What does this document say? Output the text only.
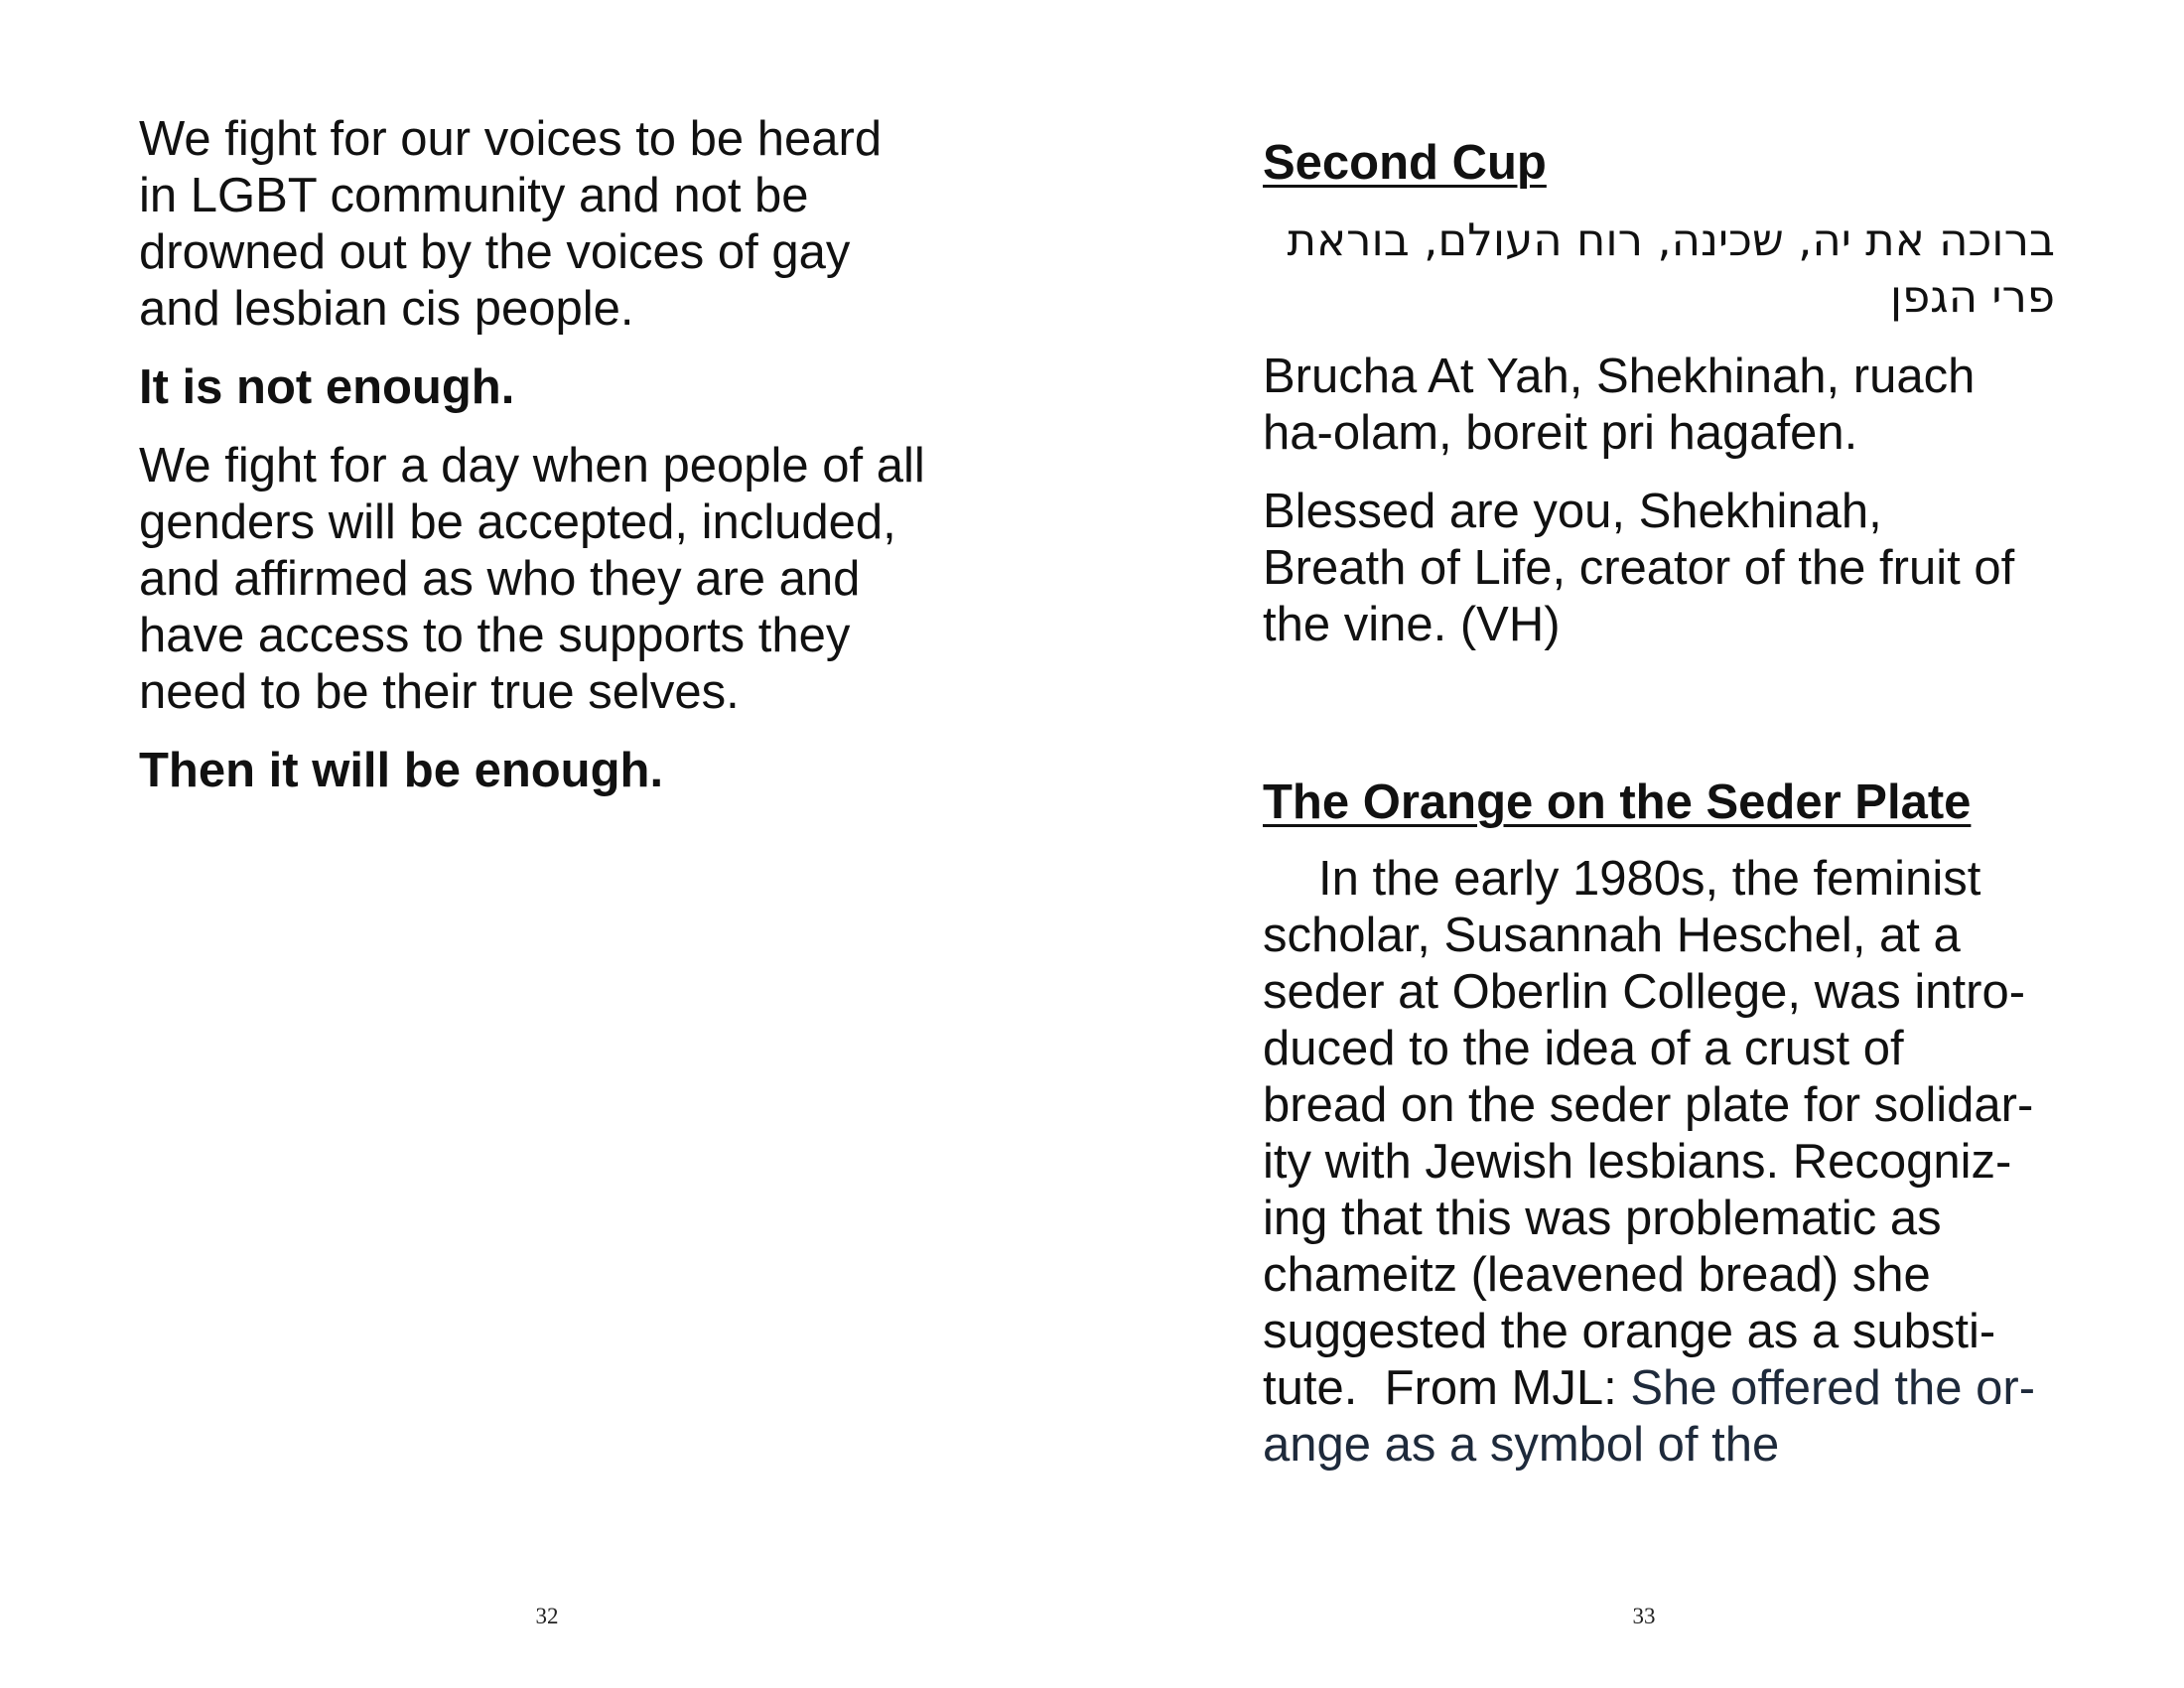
We fight for our voices to be heard
in LGBT community and not be
drowned out by the voices of gay
and lesbian cis people.

It is not enough.

We fight for a day when people of all
genders will be accepted, included,
and affirmed as who they are and
have access to the supports they
need to be their true selves.

Then it will be enough.

32

Second Cup

ברוכה את יה, שכינה, רוח העולם, בוראת
פרי הגפן

Brucha At Yah, Shekhinah, ruach
ha-olam, boreit pri hagafen.

Blessed are you, Shekhinah,
Breath of Life, creator of the fruit of
the vine. (VH)

The Orange on the Seder Plate

In the early 1980s, the feminist
scholar, Susannah Heschel, at a
seder at Oberlin College, was intro-
duced to the idea of a crust of
bread on the seder plate for solidar-
ity with Jewish lesbians. Recogniz-
ing that this was problematic as
chameitz (leavened bread) she
suggested the orange as a substi-
tute.  From MJL: She offered the or-
ange as a symbol of the

33
